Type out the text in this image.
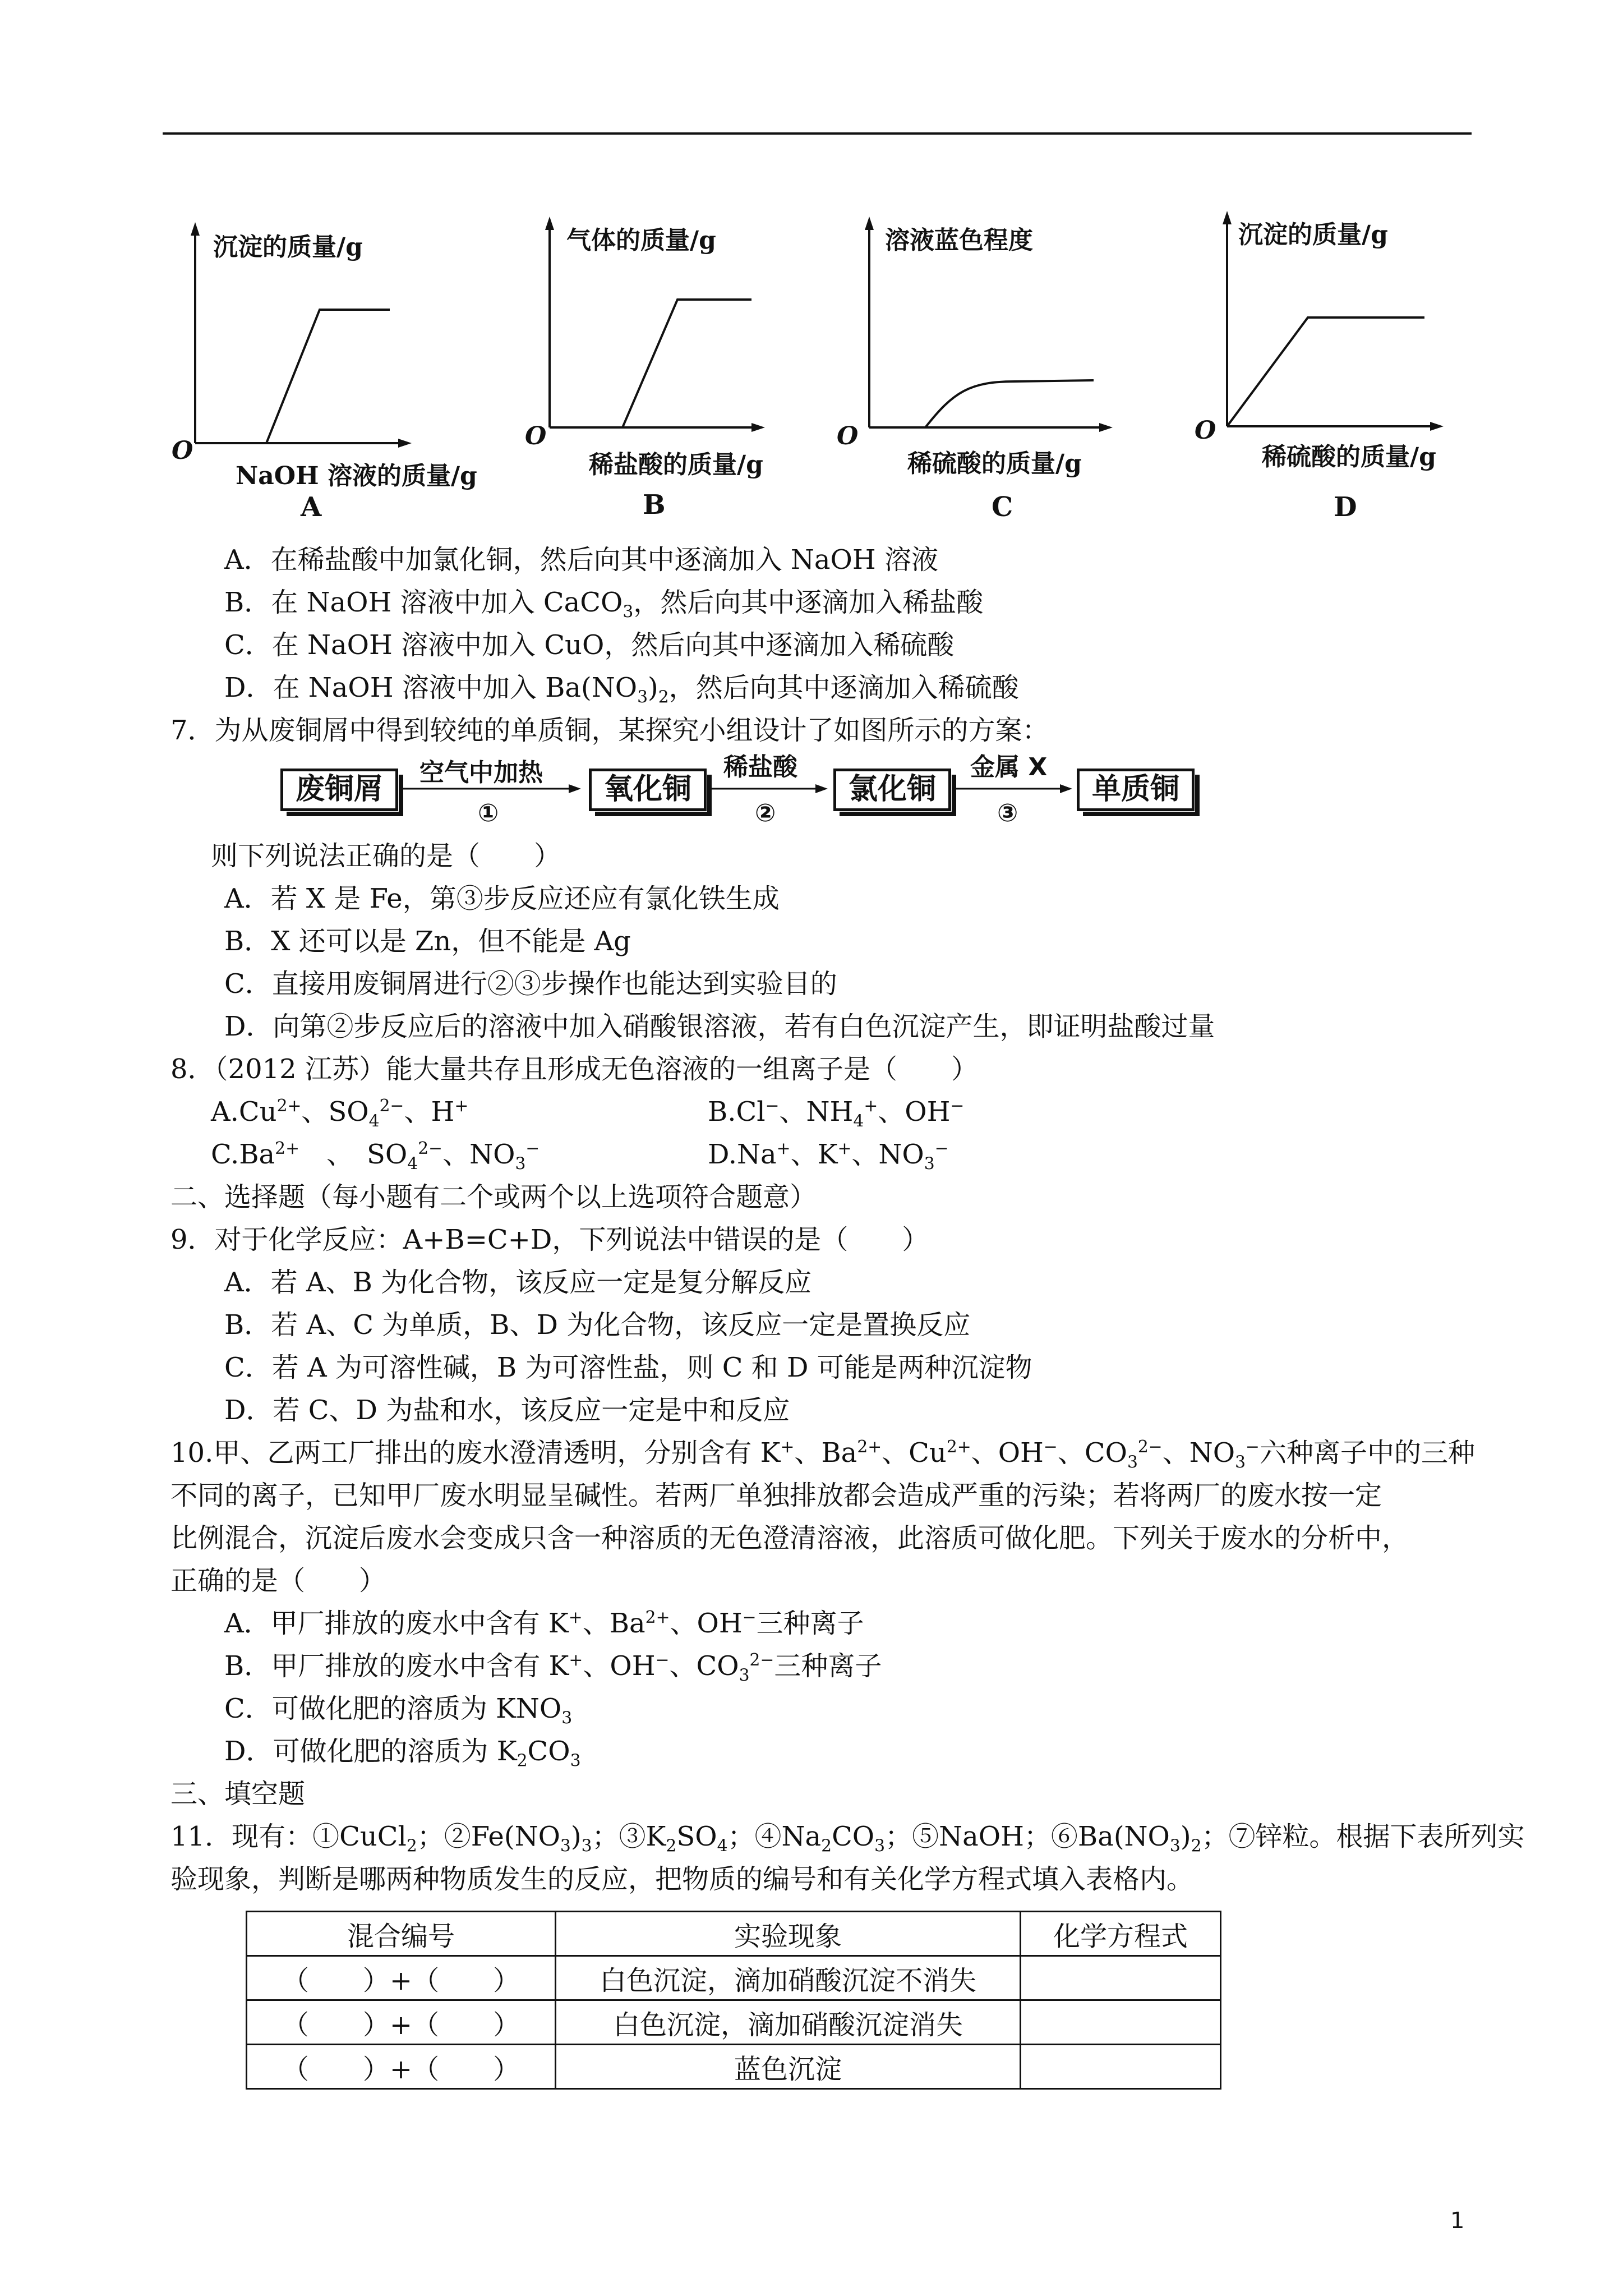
沉淀的质量/g
O
NaOH 溶液的质量/g
A
气体的质量/g
O
稀盐酸的质量/g
B
溶液蓝色程度
O
稀硫酸的质量/g
C
沉淀的质量/g
O
稀硫酸的质量/g
D
A．在稀盐酸中加氯化铜，然后向其中逐滴加入 NaOH 溶液
B．在 NaOH 溶液中加入 CaCO$_3$，然后向其中逐滴加入稀盐酸
C．在 NaOH 溶液中加入 CuO，然后向其中逐滴加入稀硫酸
D．在 NaOH 溶液中加入 $Ba(NO_3)_2$，然后向其中逐滴加入稀硫酸
7．为从废铜屑中得到较纯的单质铜，某探究小组设计了如图所示的方案：
废铜屑	空气中加热
①
氧化铜
稀盐酸
②
氯化铜
金属 X
③
单质铜
则下列说法正确的是（　　）
A．若 X 是 Fe，第③步反应还应有氯化铁生成
B．X 还可以是 Zn，但不能是 Ag
C．直接用废铜屑进行②③步操作也能达到实验目的
D．向第②步反应后的溶液中加入硝酸银溶液，若有白色沉淀产生，即证明盐酸过量
8．（2012 江苏）能大量共存且形成无色溶液的一组离子是（　　）
$A.Cu^{2+}$、$SO_4^{2-}$、H+	B.Cl−、$NH_4^+$、OH−
$C.Ba^{2+}$　、　$SO_4^{2-}$、$NO_3^-$	D.Na+、K+、$NO_3^-$
二、选择题（每小题有二个或两个以上选项符合题意）
9．对于化学反应：A+B=C+D，下列说法中错误的是（　　）
A．若 A、B 为化合物，该反应一定是复分解反应
B．若 A、C 为单质，B、D 为化合物，该反应一定是置换反应
C．若 A 为可溶性碱，B 为可溶性盐，则 C 和 D 可能是两种沉淀物
D．若 C、D 为盐和水，该反应一定是中和反应
10.甲、乙两工厂排出的废水澄清透明，分别含有 K+、$Ba^{2+}$、$Cu^{2+}$、OH−、$CO_3^{2-}$、$NO_3^-$六种离子中的三种
不同的离子，已知甲厂废水明显呈碱性。若两厂单独排放都会造成严重的污染；若将两厂的废水按一定
比例混合，沉淀后废水会变成只含一种溶质的无色澄清溶液，此溶质可做化肥。下列关于废水的分析中，
正确的是（　　）
A．甲厂排放的废水中含有 K+、$Ba^{2+}$、OH−三种离子
B．甲厂排放的废水中含有 K+、OH−、$CO_3^{2-}$三种离子
C．可做化肥的溶质为 $KNO_3$
D．可做化肥的溶质为 $K_2CO_3$
三、填空题
11．现有：①CuCl$_2$；$②Fe(NO_3)_3$；$③K_2SO_4$；$④Na_2CO_3$；⑤NaOH；$⑥Ba(NO_3)_2$；⑦锌粒。根据下表所列实
验现象，判断是哪两种物质发生的反应，把物质的编号和有关化学方程式填入表格内。
混合编号	实验现象	化学方程式
（　　）+（　　）	白色沉淀，滴加硝酸沉淀不消失	
（　　）+（　　）	白色沉淀，滴加硝酸沉淀消失	
（　　）+（　　）	蓝色沉淀	
1
